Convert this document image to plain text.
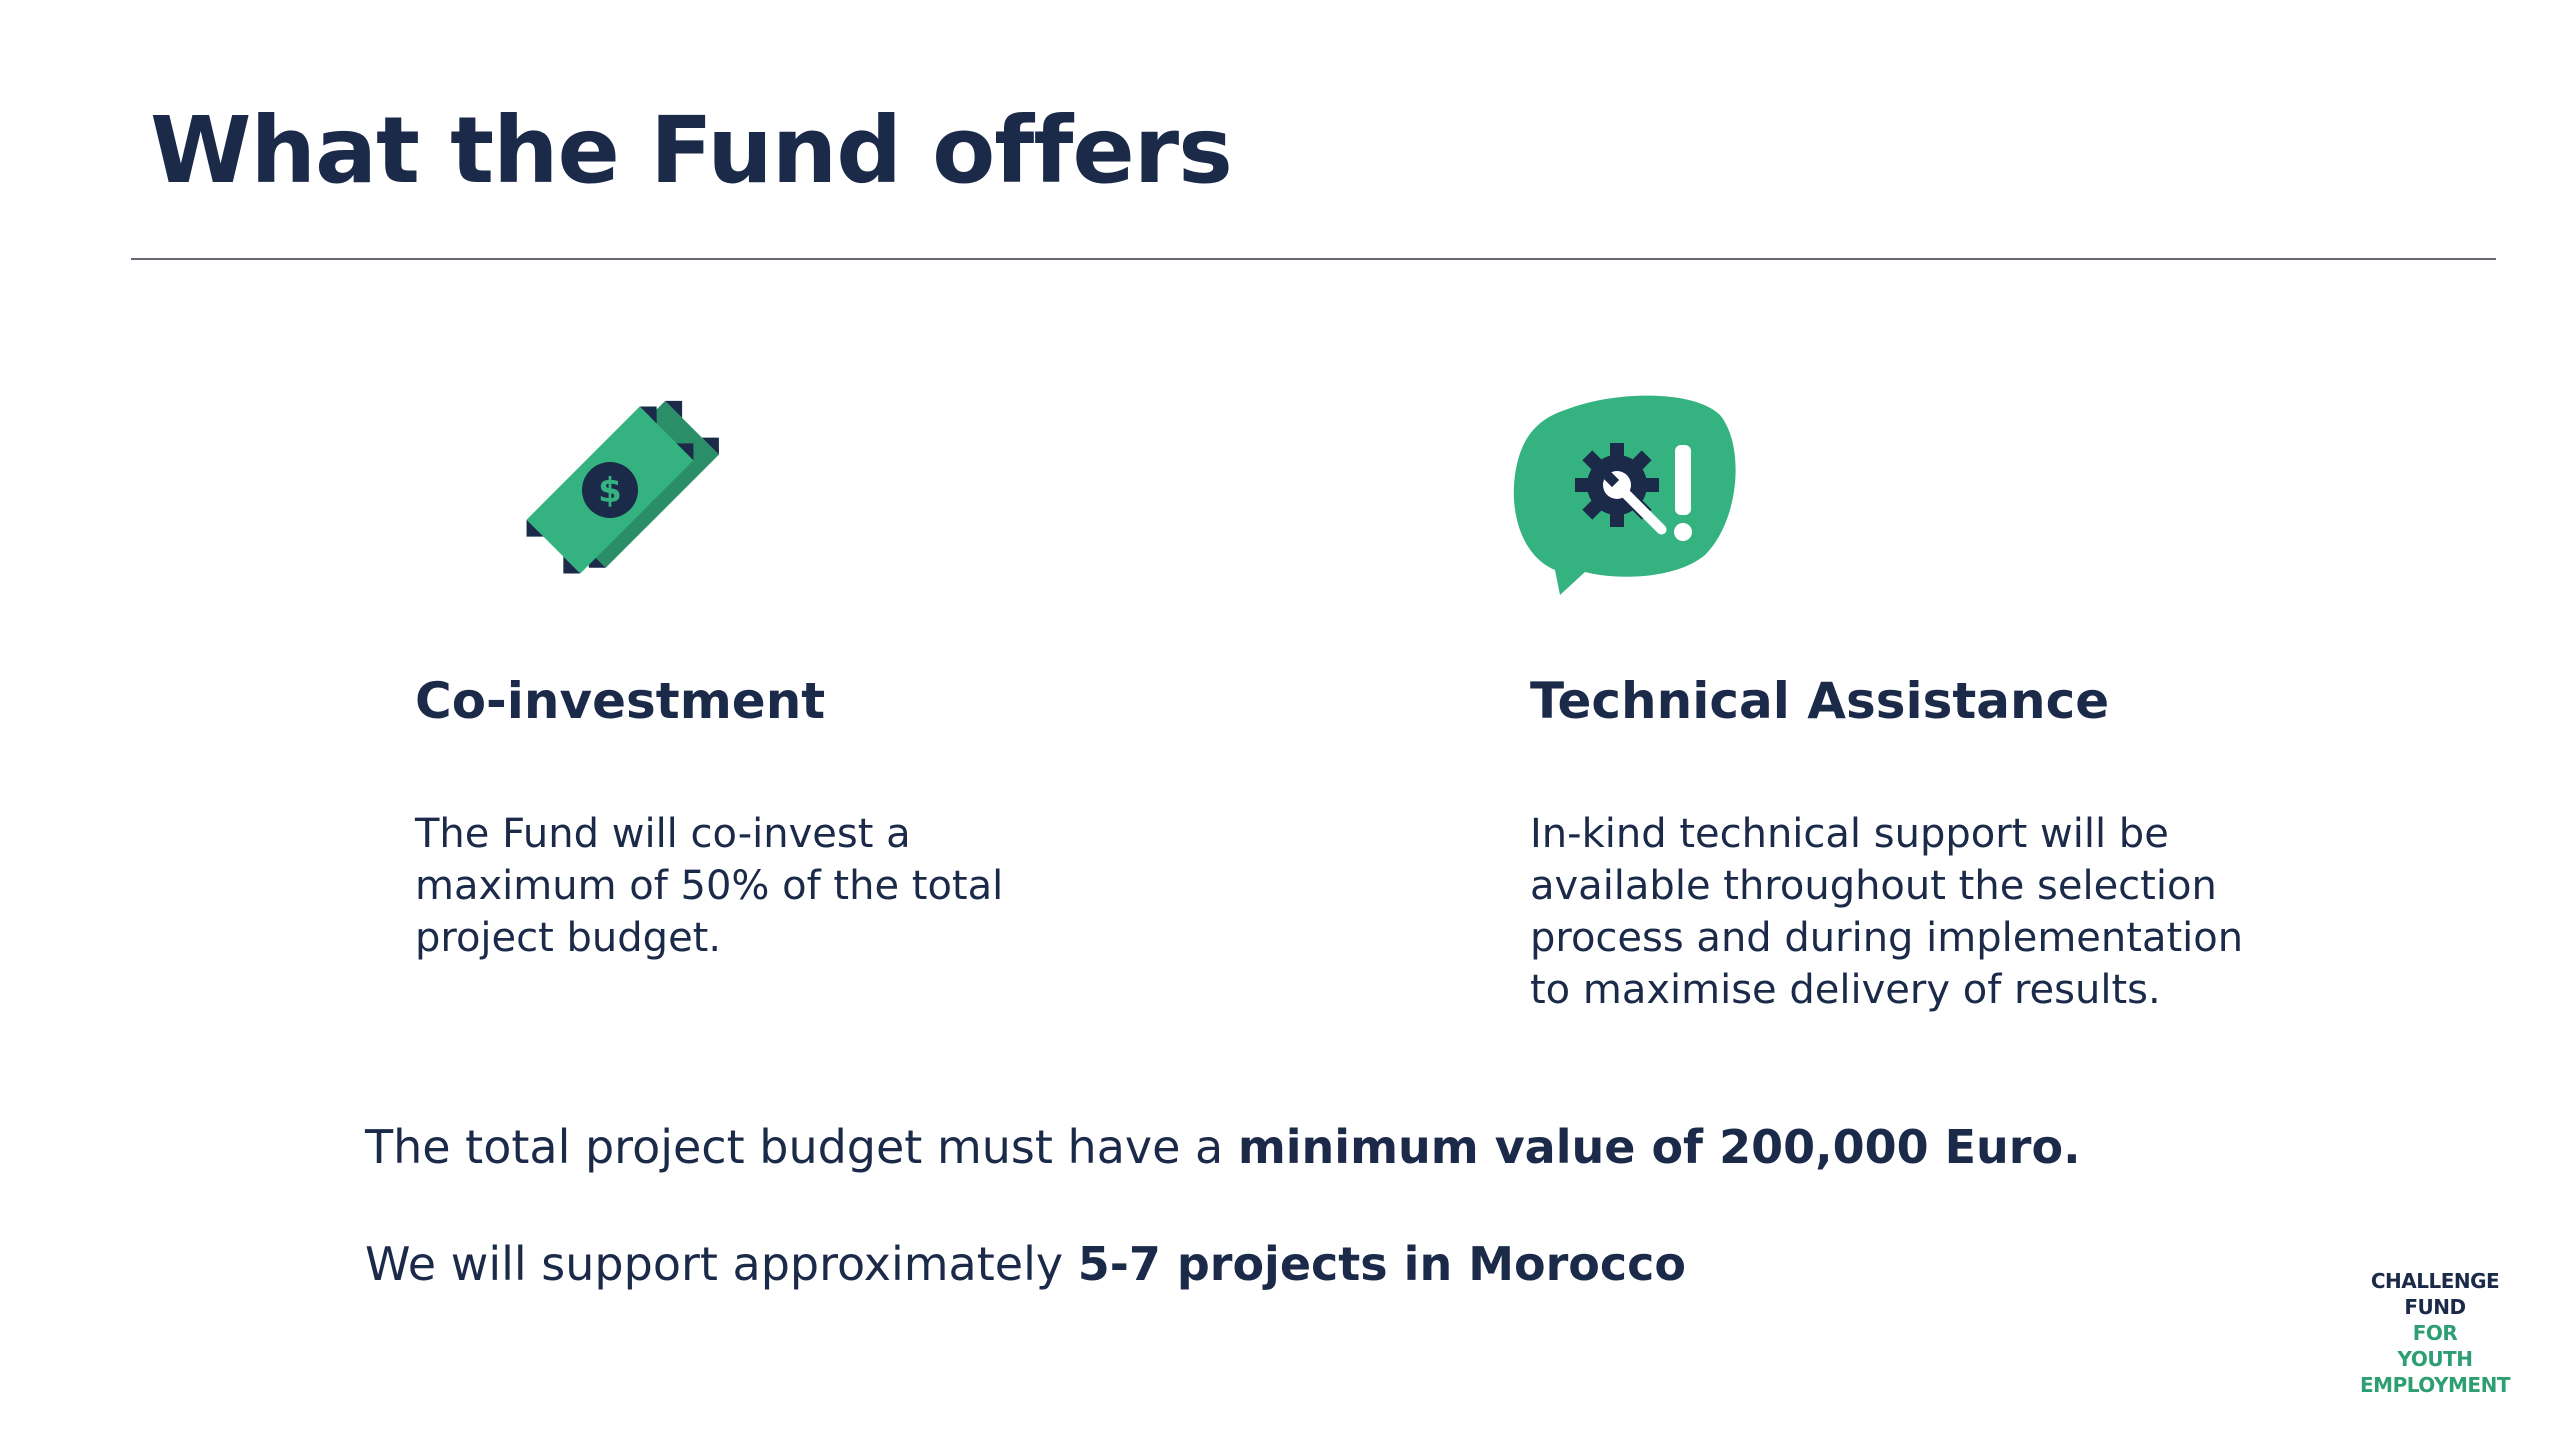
What the Fund offers
$
Co-investment

The Fund will co-invest a maximum of 50% of the total project budget.

Technical Assistance

In-kind technical support will be available throughout the selection process and during implementation to maximise delivery of results.

The total project budget must have a minimum value of 200,000 Euro.

We will support approximately 5-7 projects in Morocco	CHALLENGE
FUND
FOR
YOUTH
EMPLOYMENT
